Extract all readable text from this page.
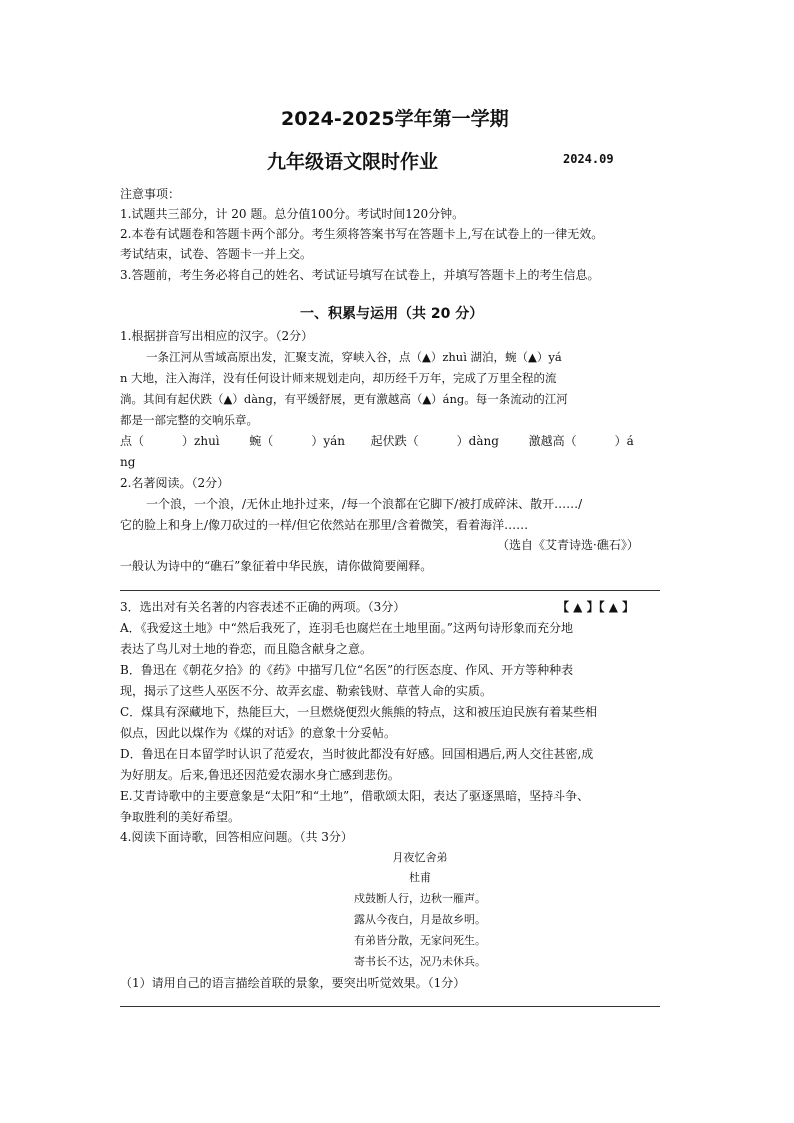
2024-2025学年第一学期
九年级语文限时作业	2024.09
注意事项：
1.试题共三部分，计 20 题。总分值100分。考试时间120分钟。
2.本卷有试题卷和答题卡两个部分。考生须将答案书写在答题卡上,写在试卷上的一律无效。
考试结束，试卷、答题卡一并上交。
3.答题前，考生务必将自己的姓名、考试证号填写在试卷上，并填写答题卡上的考生信息。
一、积累与运用（共 20 分）
1.根据拼音写出相应的汉字。（2分）
一条江河从雪域高原出发，汇聚支流，穿峡入谷，点（▲）zhuì 湖泊，蜿（▲）yá
n 大地，注入海洋，没有任何设计师来规划走向，却历经千万年，完成了万里全程的流
淌。其间有起伏跌（▲）dàng，有平缓舒展，更有激越高（▲）áng。每一条流动的江河
都是一部完整的交响乐章。
点（	）zhuì 蜿（	）yán 起伏跌（	）dàng 激越高（	）á
ng
2.名著阅读。（2分）
一个浪，一个浪，/无休止地扑过来，/每一个浪都在它脚下/被打成碎沫、散开……/
它的脸上和身上/像刀砍过的一样/但它依然站在那里/含着微笑，看着海洋……
（选自《艾青诗选·礁石》）
一般认为诗中的“礁石”象征着中华民族，请你做简要阐释。
3．选出对有关名著的内容表述不正确的两项。（3分）	【 ▲ 】【 ▲ 】
A．《我爱这土地》中“然后我死了，连羽毛也腐烂在土地里面。”这两句诗形象而充分地
表达了鸟儿对土地的眷恋，而且隐含献身之意。
B．鲁迅在《朝花夕拾》的《药》中描写几位“名医”的行医态度、作风、开方等种种表
现，揭示了这些人巫医不分、故弄玄虚、勒索钱财、草菅人命的实质。
C．煤具有深藏地下，热能巨大，一旦燃烧便烈火熊熊的特点，这和被压迫民族有着某些相
似点，因此以煤作为《煤的对话》的意象十分妥帖。
D．鲁迅在日本留学时认识了范爱农，当时彼此都没有好感。回国相遇后,两人交往甚密,成
为好朋友。后来,鲁迅还因范爱农溺水身亡感到悲伤。
E.艾青诗歌中的主要意象是“太阳”和“土地”，借歌颂太阳，表达了驱逐黑暗，坚持斗争、
争取胜利的美好希望。
4.阅读下面诗歌，回答相应问题。（共 3分）
月夜忆舍弟
杜甫
戍鼓断人行，边秋一雁声。
露从今夜白，月是故乡明。
有弟皆分散，无家问死生。
寄书长不达，况乃未休兵。
（1）请用自己的语言描绘首联的景象，要突出听觉效果。（1分）
